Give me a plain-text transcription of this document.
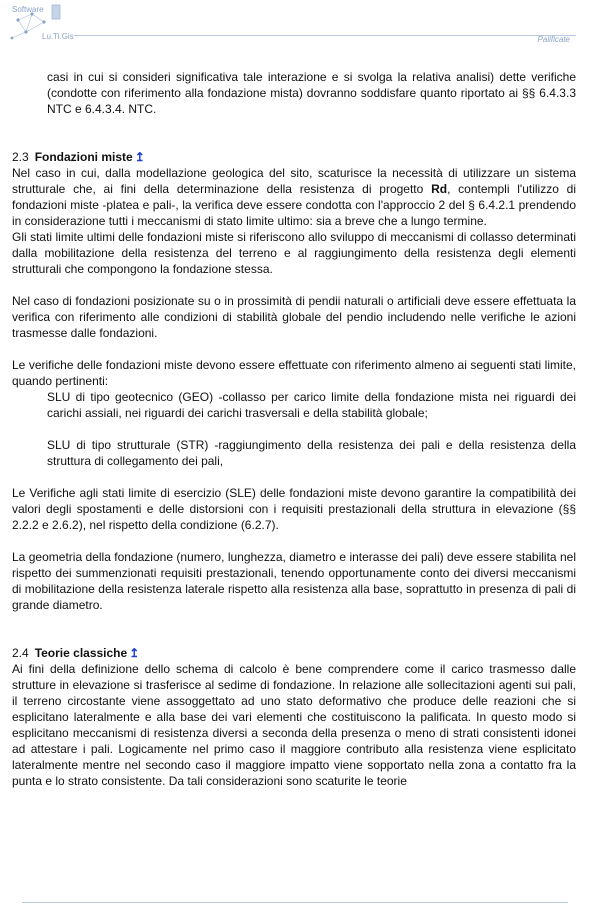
Software
Lu.Ti.Gis	Palificate

casi in cui si consideri significativa tale interazione e si svolga la relativa analisi) dette verifiche (condotte con riferimento alla fondazione mista) dovranno soddisfare quanto riportato ai §§ 6.4.3.3 NTC e 6.4.3.4. NTC.

2.3 Fondazioni miste ↥

Nel caso in cui, dalla modellazione geologica del sito, scaturisce la necessità di utilizzare un sistema strutturale che, ai fini della determinazione della resistenza di progetto Rd, contempli l'utilizzo di fondazioni miste -platea e pali-, la verifica deve essere condotta con l'approccio 2 del § 6.4.2.1 prendendo in considerazione tutti i meccanismi di stato limite ultimo: sia a breve che a lungo termine.

Gli stati limite ultimi delle fondazioni miste si riferiscono allo sviluppo di meccanismi di collasso determinati dalla mobilitazione della resistenza del terreno e al raggiungimento della resistenza degli elementi strutturali che compongono la fondazione stessa.

Nel caso di fondazioni posizionate su o in prossimità di pendii naturali o artificiali deve essere effettuata la verifica con riferimento alle condizioni di stabilità globale del pendio includendo nelle verifiche le azioni trasmesse dalle fondazioni.

Le verifiche delle fondazioni miste devono essere effettuate con riferimento almeno ai seguenti stati limite, quando pertinenti:

SLU di tipo geotecnico (GEO) -collasso per carico limite della fondazione mista nei riguardi dei carichi assiali, nei riguardi dei carichi trasversali e della stabilità globale;

SLU di tipo strutturale (STR) -raggiungimento della resistenza dei pali e della resistenza della struttura di collegamento dei pali,

Le Verifiche agli stati limite di esercizio (SLE) delle fondazioni miste devono garantire la compatibilità dei valori degli spostamenti e delle distorsioni con i requisiti prestazionali della struttura in elevazione (§§ 2.2.2 e 2.6.2), nel rispetto della condizione (6.2.7).

La geometria della fondazione (numero, lunghezza, diametro e interasse dei pali) deve essere stabilita nel rispetto dei summenzionati requisiti prestazionali, tenendo opportunamente conto dei diversi meccanismi di mobilitazione della resistenza laterale rispetto alla resistenza alla base, soprattutto in presenza di pali di grande diametro.

2.4 Teorie classiche ↥

Ai fini della definizione dello schema di calcolo è bene comprendere come il carico trasmesso dalle strutture in elevazione si trasferisce al sedime di fondazione. In relazione alle sollecitazioni agenti sui pali, il terreno circostante viene assoggettato ad uno stato deformativo che produce delle reazioni che si esplicitano lateralmente e alla base dei vari elementi che costituiscono la palificata. In questo modo si esplicitano meccanismi di resistenza diversi a seconda della presenza o meno di strati consistenti idonei ad attestare i pali. Logicamente nel primo caso il maggiore contributo alla resistenza viene esplicitato lateralmente mentre nel secondo caso il maggiore impatto viene sopportato nella zona a contatto fra la punta e lo strato consistente. Da tali considerazioni sono scaturite le teorie
